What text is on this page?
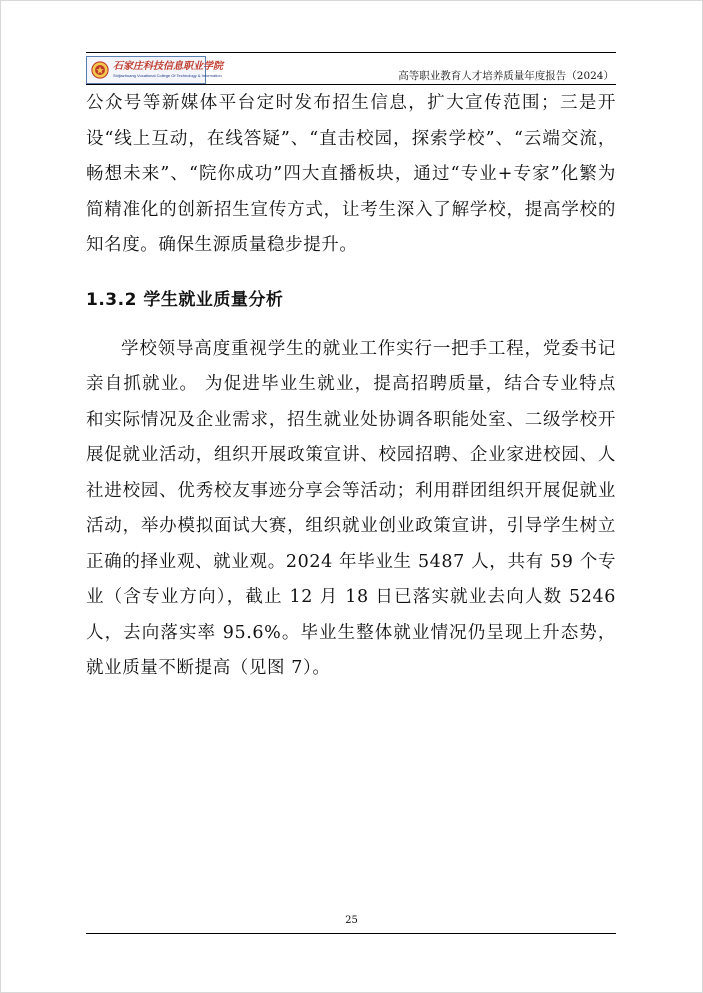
石家庄科技信息职业学院
Shijiazhuang Vocational College Of Technology & Information	高等职业教育人才培养质量年度报告（2024）

公众号等新媒体平台定时发布招生信息，扩大宣传范围；三是开设“线上互动，在线答疑”、“直击校园，探索学校”、“云端交流，畅想未来”、“院你成功”四大直播板块，通过“专业+专家”化繁为简精准化的创新招生宣传方式，让考生深入了解学校，提高学校的知名度。确保生源质量稳步提升。

1.3.2 学生就业质量分析

学校领导高度重视学生的就业工作实行一把手工程，党委书记亲自抓就业。 为促进毕业生就业，提高招聘质量，结合专业特点和实际情况及企业需求，招生就业处协调各职能处室、二级学校开展促就业活动，组织开展政策宣讲、校园招聘、企业家进校园、人社进校园、优秀校友事迹分享会等活动；利用群团组织开展促就业活动，举办模拟面试大赛，组织就业创业政策宣讲，引导学生树立正确的择业观、就业观。2024 年毕业生 5487 人，共有 59 个专业（含专业方向），截止 12 月 18 日已落实就业去向人数 5246 人，去向落实率 95.6%。毕业生整体就业情况仍呈现上升态势，就业质量不断提高（见图 7）。

25
